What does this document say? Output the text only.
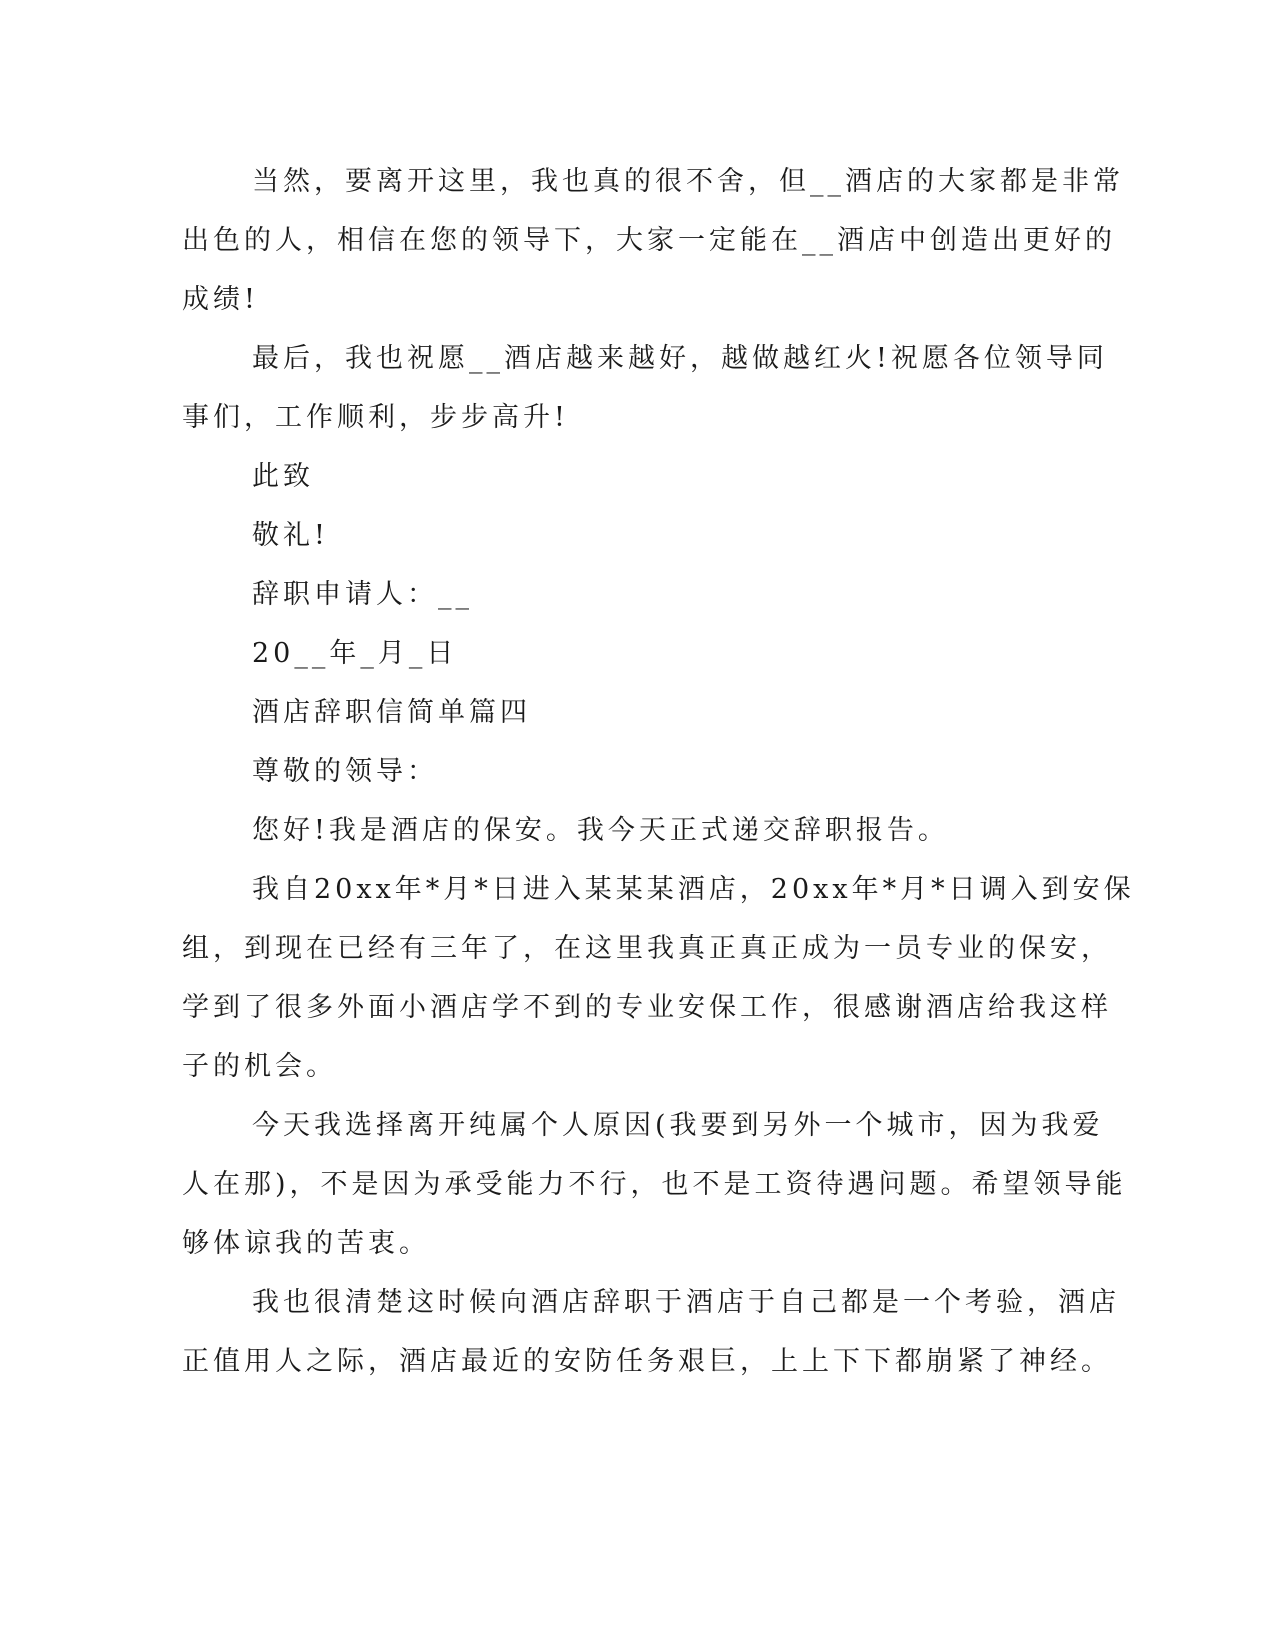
当然，要离开这里，我也真的很不舍，但__酒店的大家都是非常
出色的人，相信在您的领导下，大家一定能在__酒店中创造出更好的
成绩!
最后，我也祝愿__酒店越来越好，越做越红火!祝愿各位领导同
事们，工作顺利，步步高升!
此致
敬礼!
辞职申请人：__
20__年_月_日
酒店辞职信简单篇四
尊敬的领导：
您好!我是酒店的保安。我今天正式递交辞职报告。
我自20xx年*月*日进入某某某酒店，20xx年*月*日调入到安保
组，到现在已经有三年了，在这里我真正真正成为一员专业的保安，
学到了很多外面小酒店学不到的专业安保工作，很感谢酒店给我这样
子的机会。
今天我选择离开纯属个人原因(我要到另外一个城市，因为我爱
人在那)，不是因为承受能力不行，也不是工资待遇问题。希望领导能
够体谅我的苦衷。
我也很清楚这时候向酒店辞职于酒店于自己都是一个考验，酒店
正值用人之际，酒店最近的安防任务艰巨，上上下下都崩紧了神经。
